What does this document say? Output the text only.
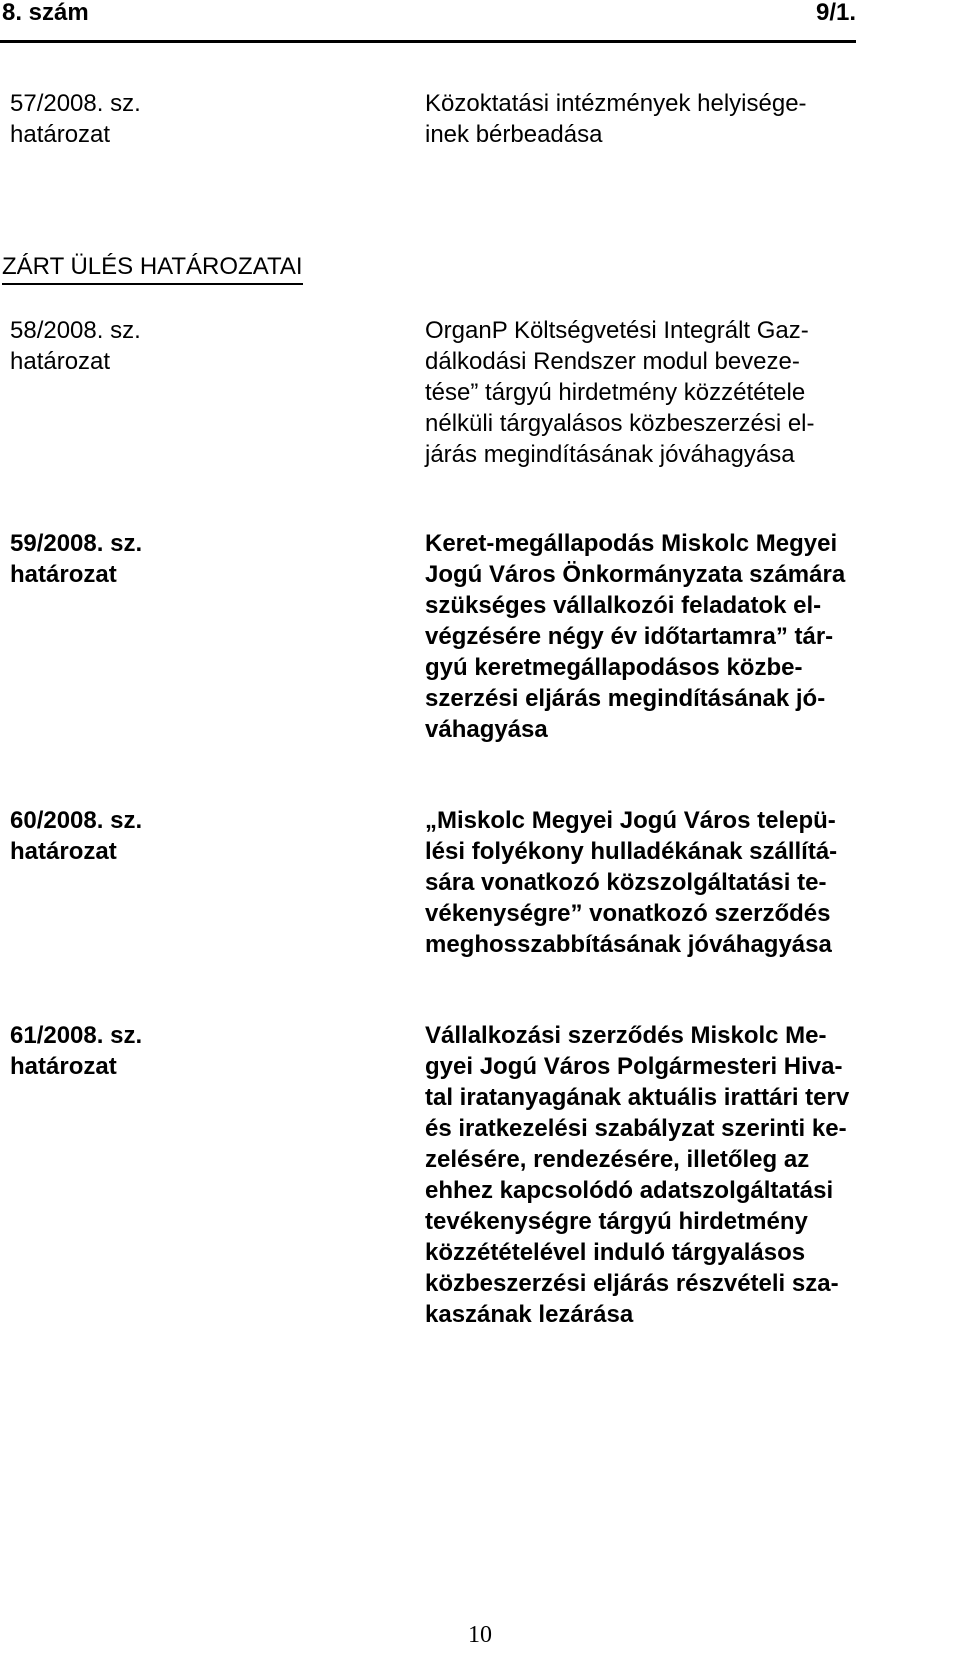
8. szám	9/1.
57/2008. sz.
határozat
Közoktatási intézmények helyisége-
inek bérbeadása
ZÁRT ÜLÉS HATÁROZATAI
58/2008. sz.
határozat
OrganP Költségvetési Integrált Gaz-
dálkodási Rendszer modul beveze-
tése” tárgyú hirdetmény közzététele
nélküli tárgyalásos közbeszerzési el-
járás megindításának jóváhagyása
59/2008. sz.
határozat
Keret-megállapodás Miskolc Megyei
Jogú Város Önkormányzata számára
szükséges vállalkozói feladatok el-
végzésére négy év időtartamra” tár-
gyú keretmegállapodásos közbe-
szerzési eljárás megindításának jó-
váhagyása
60/2008. sz.
határozat
„Miskolc Megyei Jogú Város telepü-
lési folyékony hulladékának szállítá-
sára vonatkozó közszolgáltatási te-
vékenységre” vonatkozó szerződés
meghosszabbításának jóváhagyása
61/2008. sz.
határozat
Vállalkozási szerződés Miskolc Me-
gyei Jogú Város Polgármesteri Hiva-
tal iratanyagának aktuális irattári terv
és iratkezelési szabályzat szerinti ke-
zelésére, rendezésére, illetőleg az
ehhez kapcsolódó adatszolgáltatási
tevékenységre tárgyú hirdetmény
közzétételével induló tárgyalásos
közbeszerzési eljárás részvételi sza-
kaszának lezárása
10
